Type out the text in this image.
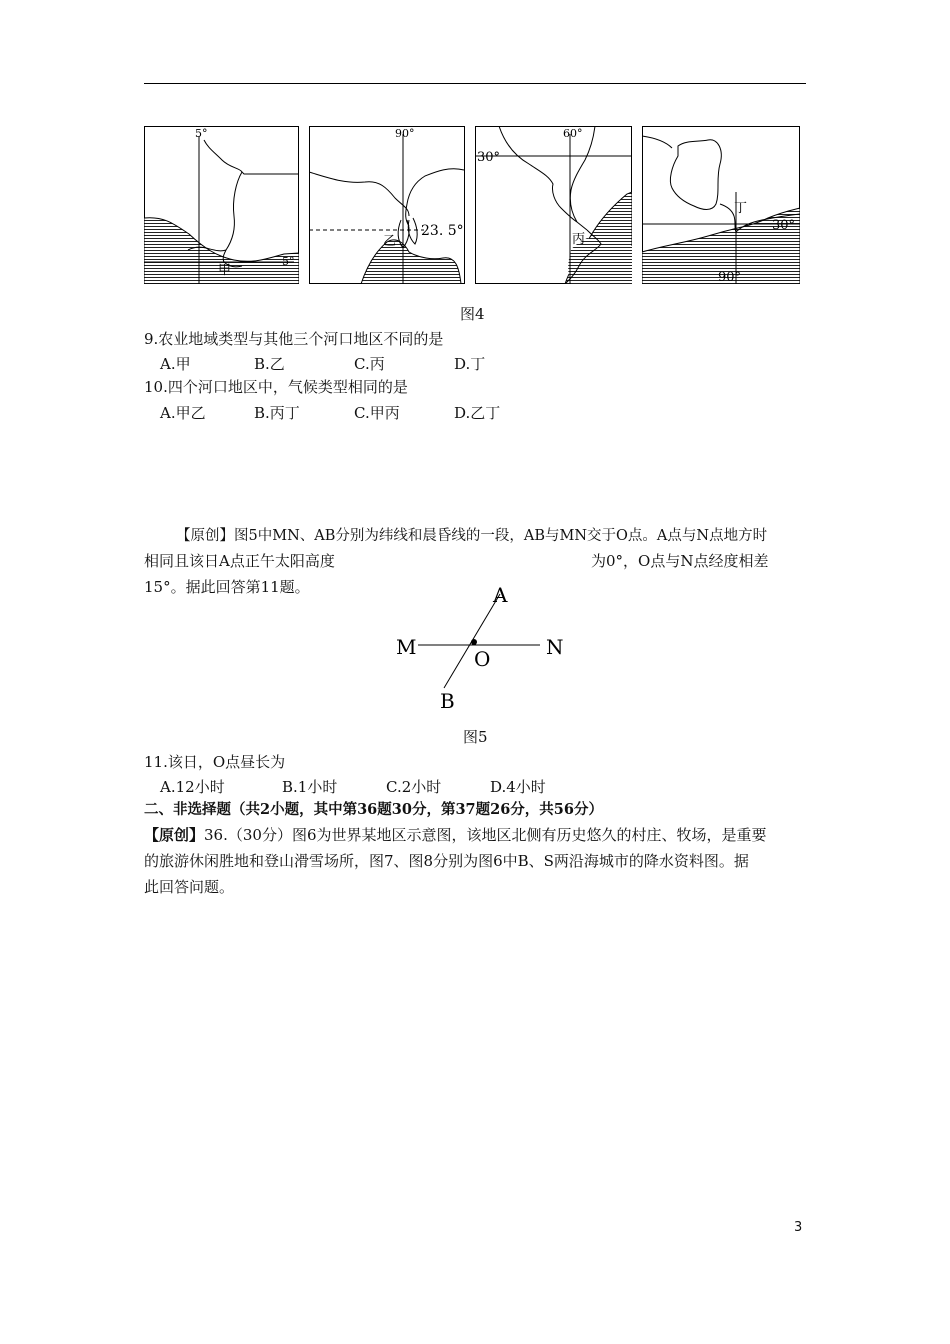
5°
5°
甲
90°
23. 5°
乙
60°
30°
丙
丁
30°
90°
图4
9.农业地域类型与其他三个河口地区不同的是
A.甲	B.乙	C.丙	D.丁
10.四个河口地区中，气候类型相同的是
A.甲乙	B.丙丁	C.甲丙	D.乙丁
【原创】图5中MN、AB分别为纬线和晨昏线的一段，AB与MN交于O点。A点与N点地方时
相同且该日A点正午太阳高度	为0°，O点与N点经度相差
15°。据此回答第11题。	A
B
M	N
O
图5
11.该日，O点昼长为
A.12小时	B.1小时	C.2小时	D.4小时
二、非选择题（共2小题，其中第36题30分，第37题26分，共56分）
【原创】36.（30分）图6为世界某地区示意图，该地区北侧有历史悠久的村庄、牧场，是重要
的旅游休闲胜地和登山滑雪场所，图7、图8分别为图6中B、S两沿海城市的降水资料图。据
此回答问题。
3
